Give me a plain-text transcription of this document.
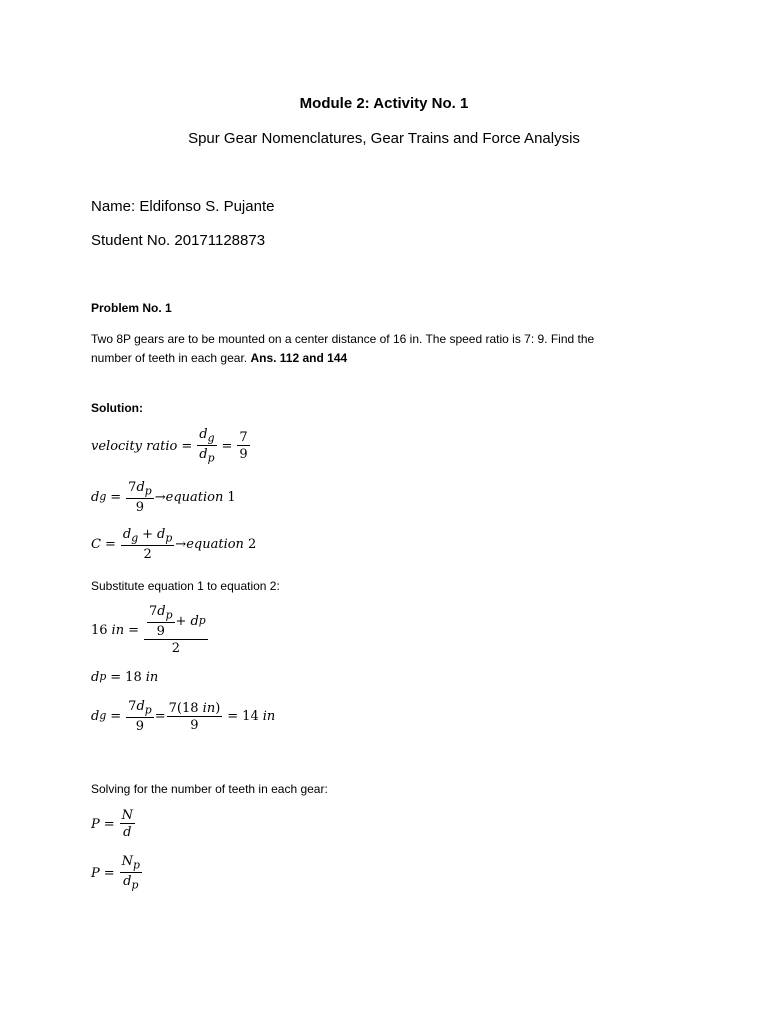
Module 2: Activity No. 1
Spur Gear Nomenclatures, Gear Trains and Force Analysis
Name: Eldifonso S. Pujante
Student No. 20171128873
Problem No. 1
Two 8P gears are to be mounted on a center distance of 16 in. The speed ratio is 7: 9. Find the
number of teeth in each gear. Ans. 112 and 144
Solution:
velocity ratio = $\frac{d_g}{d_p} = \frac{7}{9}$
d $g = \frac{7d_p}{9}$ → equation 1
$C = \frac{d_g + d_p}{2}$ → equation 2
Substitute equation 1 to equation 2:
16 in = $\frac{\frac{7d_p}{9} + d p}{2}$
d p = 18 in
d $g = \frac{7d_p}{9} = \frac{7(18 in)}{9} = 14$ in
Solving for the number of teeth in each gear:
$P = \frac{N}{d}$
$P = \frac{N_p}{d_p}$
